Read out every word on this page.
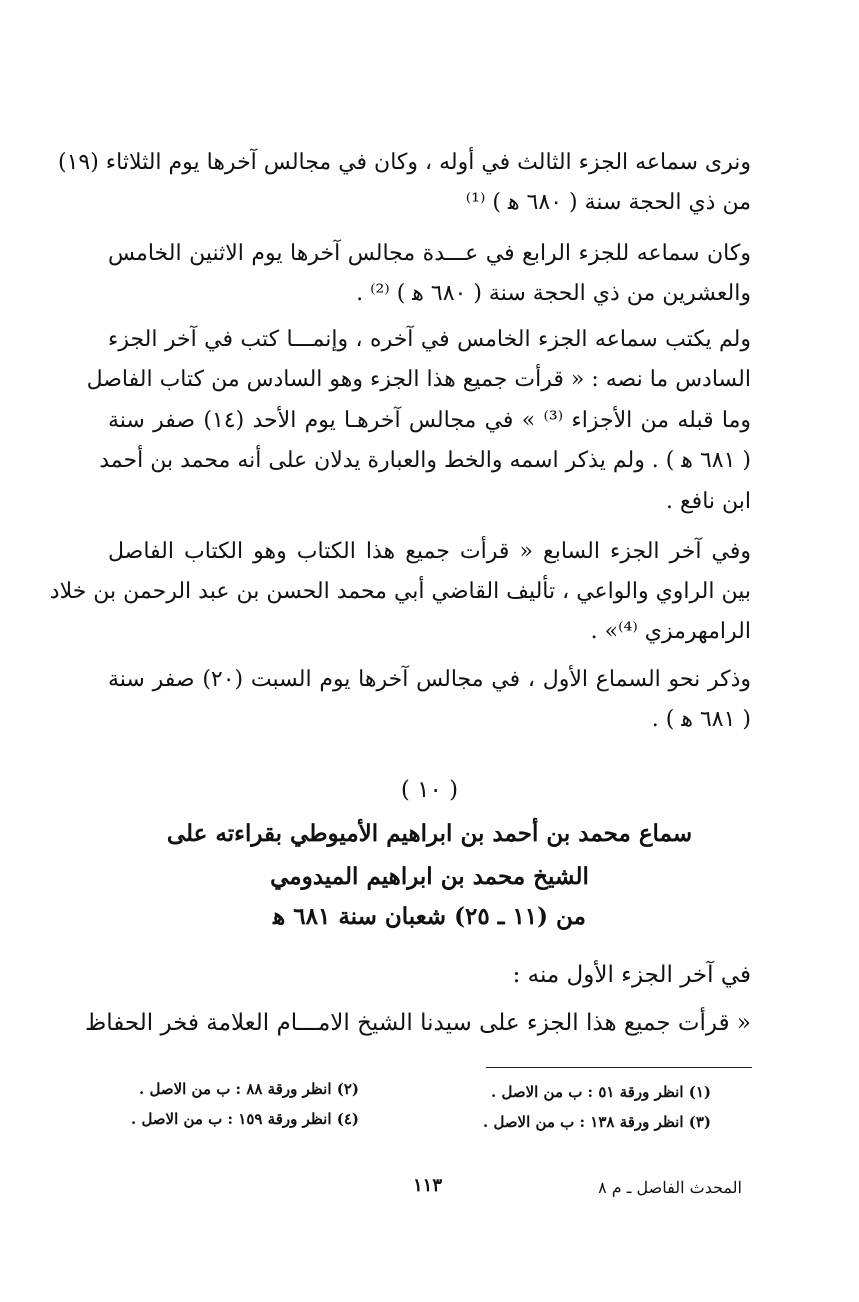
ونرى سماعه الجزء الثالث في أوله ، وكان في مجالس آخرها يوم الثلاثاء (١٩)
من ذي الحجة سنة ( ٦٨٠ ﻫ ) ⁽¹⁾
وكان سماعه للجزء الرابع في عـــدة مجالس آخرها يوم الاثنين الخامس
والعشرين من ذي الحجة سنة ( ٦٨٠ ﻫ ) ⁽²⁾ .
ولم يكتب سماعه الجزء الخامس في آخره ، وإنمـــا كتب في آخر الجزء
السادس ما نصه : « قرأت جميع هذا الجزء وهو السادس من كتاب الفاصل
وما قبله من الأجزاء ⁽³⁾ » في مجالس آخرهـا يوم الأحد (١٤) صفر سنة
( ٦٨١ ﻫ ) . ولم يذكر اسمه والخط والعبارة يدلان على أنه محمد بن أحمد
ابن نافع .
وفي آخر الجزء السابع « قرأت جميع هذا الكتاب وهو الكتاب الفاصل
بين الراوي والواعي ، تأليف القاضي أبي محمد الحسن بن عبد الرحمن بن خلاد
الرامهرمزي ⁽⁴⁾» .
وذكر نحو السماع الأول ، في مجالس آخرها يوم السبت (٢٠) صفر سنة
( ٦٨١ ﻫ ) .
( ١٠ )
سماع محمد بن أحمد بن ابراهيم الأميوطي بقراءته على
الشيخ محمد بن ابراهيم الميدومي
من (١١ ـ ٢٥) شعبان سنة ٦٨١ ﻫ
في آخر الجزء الأول منه :
« قرأت جميع هذا الجزء على سيدنا الشيخ الامـــام العلامة فخر الحفاظ
(١) انظر ورقة ٥١ : ب من الاصل .
(٢) انظر ورقة ٨٨ : ب من الاصل .
(٣) انظر ورقة ١٣٨ : ب من الاصل .
(٤) انظر ورقة ١٥٩ : ب من الاصل .
المحدث الفاصل ـ م ٨
١١٣
